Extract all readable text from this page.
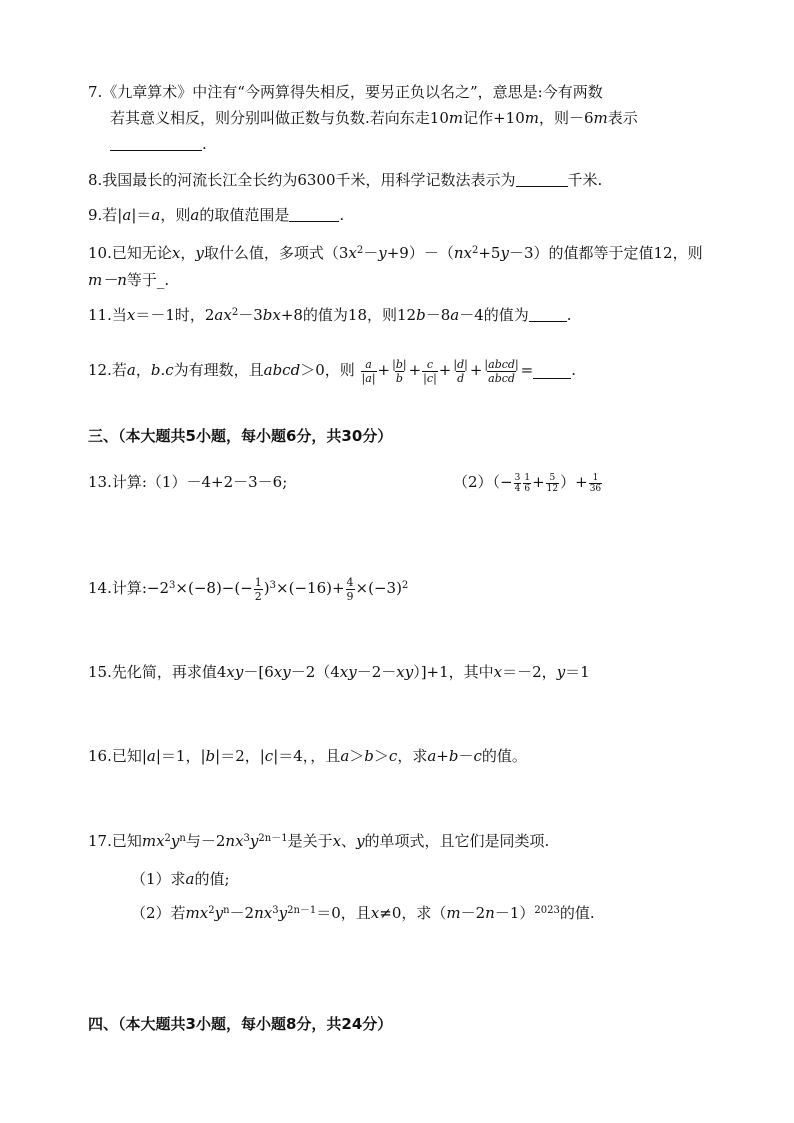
7.《九章算术》中注有“今两算得失相反，要另正负以名之”，意思是:今有两数
若其意义相反，则分别叫做正数与负数.若向东走10m记作+10m，则－6m表示
.
8.我国最长的河流长江全长约为6300千米，用科学记数法表示为	千米.
9.若|a|＝a，则a的取值范围是	.
10.已知无论x，y取什么值，多项式$(3x^2-y+9)-(nx^2+5y-3)$的值都等于定值12，则
m－n等于_.
11.当x＝－1时，$2ax^2-3bx+8$的值为18，则12b－8a－4的值为	.
12.若a，b.c为有理数，且abcd＞0，则 $\frac{a}{|a|} + \frac{|b|}{b} + \frac{c}{|c|} + \frac{|d|}{d} + \frac{\text{|abcd|}}{\text{abcd}}$ =	.
三、（本大题共5小题，每小题6分，共30分）
13.计算:（1）－4+2－3－6;	$(2)(- \frac{3}{4} \frac{1}{6} + \frac{5}{12}$ ）+ $\frac{1}{36}$
14.计算$:-2^3\times(-8)-(- \frac{1}{2} )^3\times(-16)+ \frac{4}{9} \times(-3)^2$
15.先化简，再求值4xy－[6xy－2（4xy－2－xy）]+1，其中x＝－2，y＝1
16.已知|a|＝1，|b|＝2，|c|＝4，，且a＞b＞c，求a+b－c的值。
17.已知$mx^2y^n$与$-2nx^3y^{2n-1}$是关于x、y的单项式，且它们是同类项.
（1）求a的值;
（2）若$mx^2y^n-2nx^3y^{2n-1}=0$，且x≠0，求$(m-2n-1)^{2023}$的值.
四、（本大题共3小题，每小题8分，共24分）
